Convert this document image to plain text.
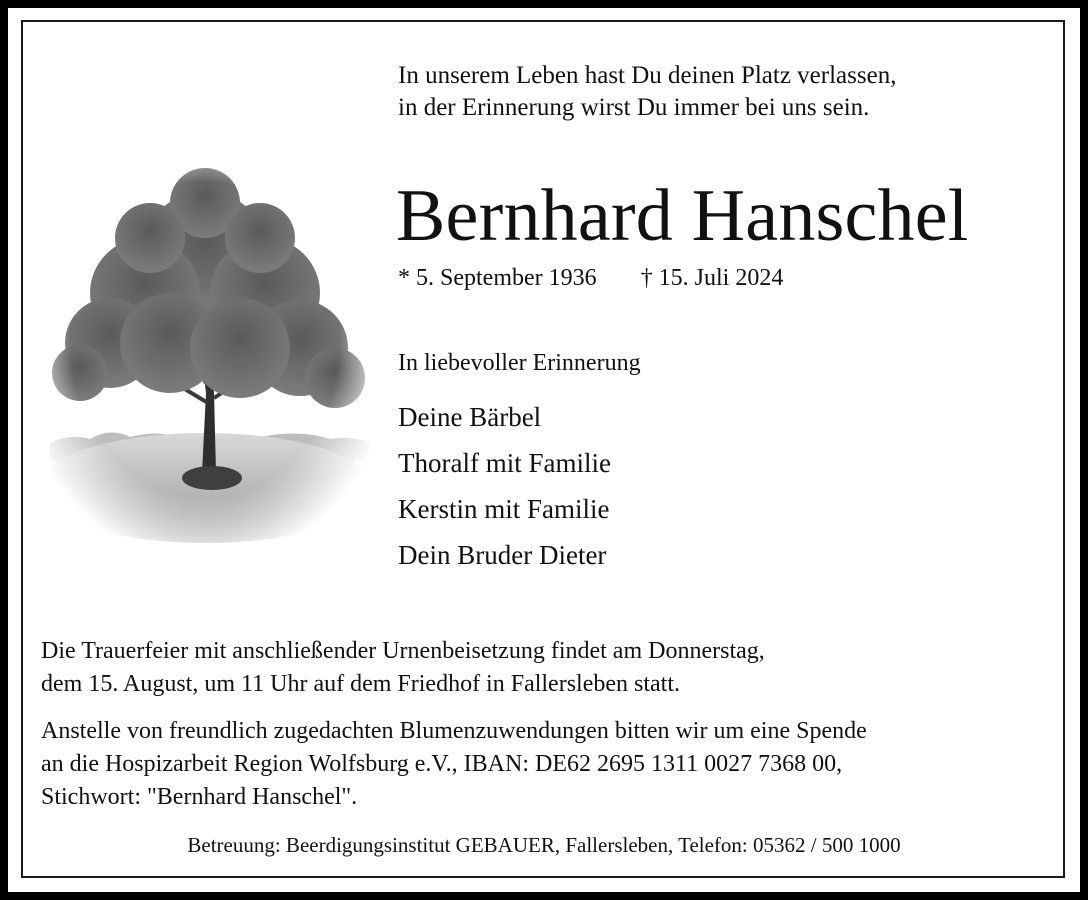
In unserem Leben hast Du deinen Platz verlassen,
in der Erinnerung wirst Du immer bei uns sein.
Bernhard Hanschel
* 5. September 1936 † 15. Juli 2024
In liebevoller Erinnerung
Deine Bärbel
Thoralf mit Familie
Kerstin mit Familie
Dein Bruder Dieter
Die Trauerfeier mit anschließender Urnenbeisetzung findet am Donnerstag,
dem 15. August, um 11 Uhr auf dem Friedhof in Fallersleben statt.
Anstelle von freundlich zugedachten Blumenzuwendungen bitten wir um eine Spende
an die Hospizarbeit Region Wolfsburg e.V., IBAN: DE62 2695 1311 0027 7368 00,
Stichwort: "Bernhard Hanschel".
Betreuung: Beerdigungsinstitut GEBAUER, Fallersleben, Telefon: 05362 / 500 1000
